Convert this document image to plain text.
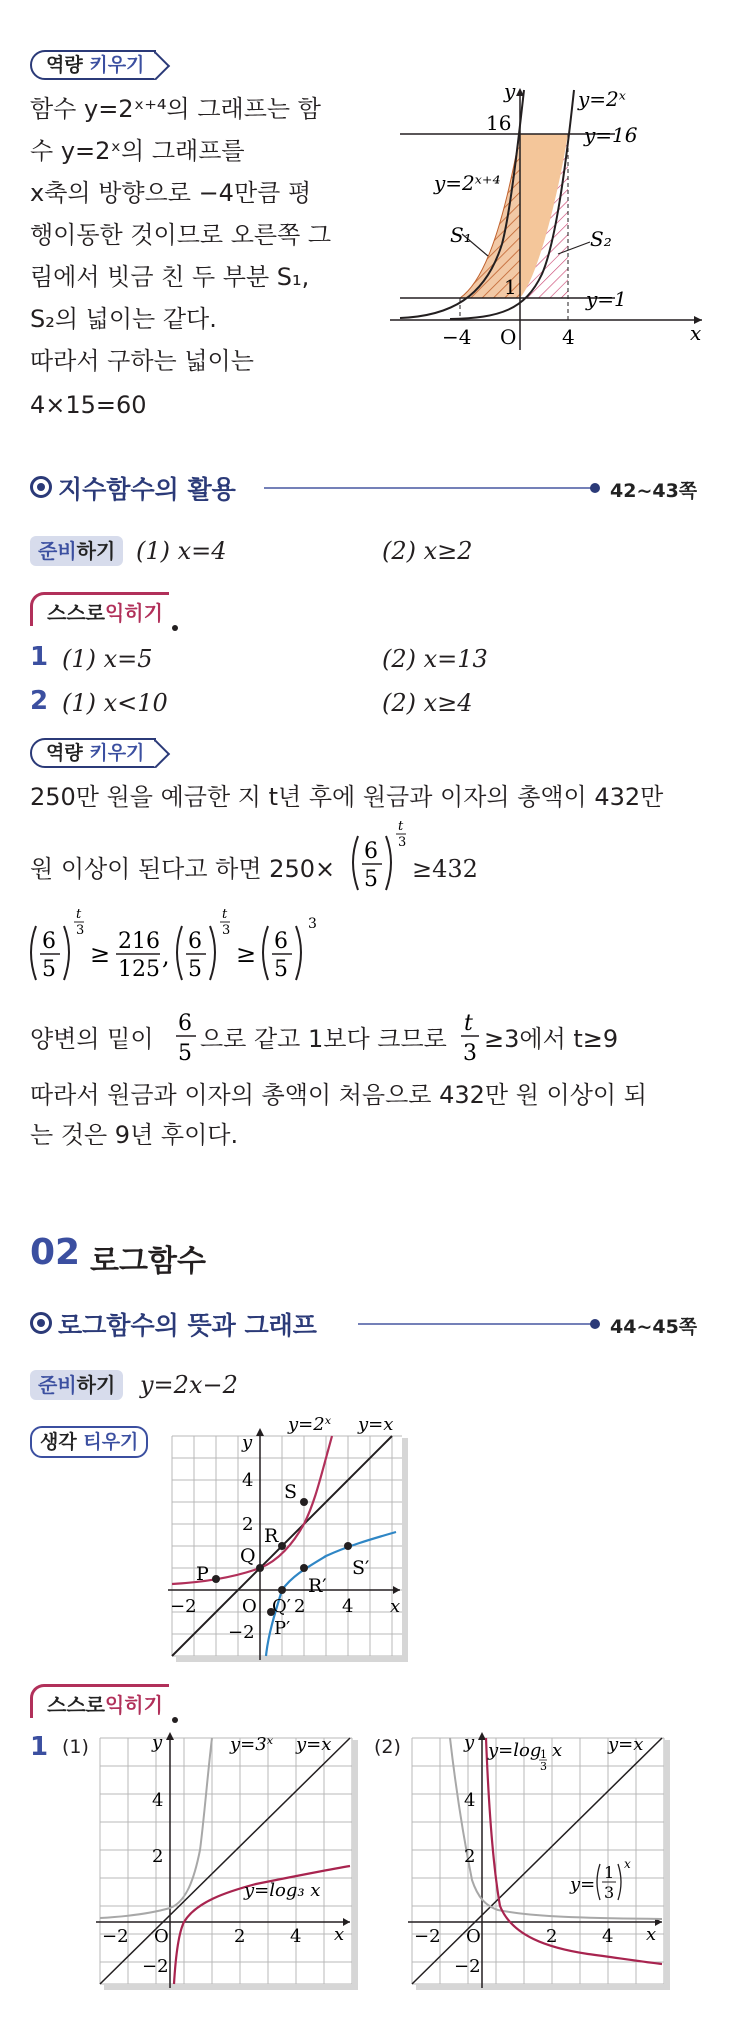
역량 키우기
함수 y=2ˣ⁺⁴의 그래프는 함
수 y=2ˣ의 그래프를
x축의 방향으로 −4만큼 평
행이동한 것이므로 오른쪽 그
림에서 빗금 친 두 부분 S₁,
S₂의 넓이는 같다.
따라서 구하는 넓이는
4×15=60
y	y=2ˣ
y=16
16
y=2ˣ⁺⁴
S₁	S₂
1	y=1
−4 O 4	x
지수함수의 활용	42~43쪽
준비하기 (1) x=4	(2) x≥2
스스로익히기
1 (1) x=5	(2) x=13
2 (1) x<10	(2) x≥4
역량 키우기
250만 원을 예금한 지 t년 후에 원금과 이자의 총액이 432만
원 이상이 된다고 하면 250×
6
5
t
3
≥432
6
5
t
3
≥ 216
125 ,
6
5
t
3
≥ 6
5
3
양변의 밑이
6
5
으로 같고 1보다 크므로
t
3
≥3에서 t≥9
따라서 원금과 이자의 총액이 처음으로 432만 원 이상이 되
는 것은 9년 후이다.
02 로그함수
로그함수의 뜻과 그래프	44~45쪽
준비하기	y=2x−2
생각 티우기
y=2ˣ y=x
y
4
2
S
R
Q
P	S′
R′
−2	O Q′ 2 4 x
P′
−2
스스로익히기
1 (1)	y	y=3ˣ y=x
4
2
y=log₃ x
−2 O	2 4 x
−2
(2)	y y=log
1
3
x	y=x
4
2
y=
1
3
x
−2 O	2 4 x
−2
